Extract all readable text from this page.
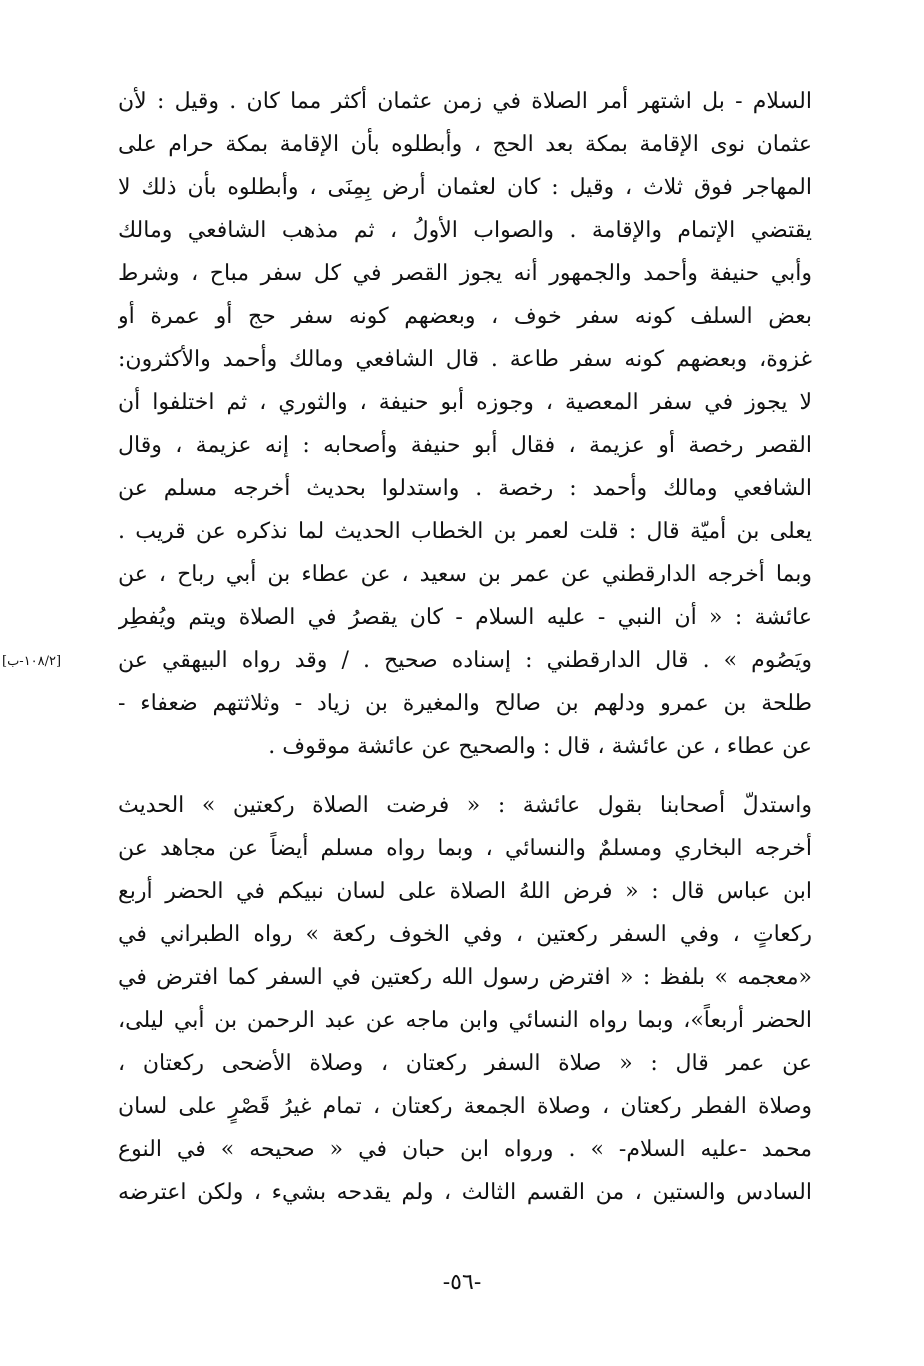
السلام - بل اشتهر أمر الصلاة في زمن عثمان أكثر مما كان . وقيل : لأن
عثمان نوى الإقامة بمكة بعد الحج ، وأبطلوه بأن الإقامة بمكة حرام على
المهاجر فوق ثلاث ، وقيل : كان لعثمان أرض بِمِنَى ، وأبطلوه بأن ذلك لا
يقتضي الإتمام والإقامة . والصواب الأولُ ، ثم مذهب الشافعي ومالك
وأبي حنيفة وأحمد والجمهور أنه يجوز القصر في كل سفر مباح ، وشرط
بعض السلف كونه سفر خوف ، وبعضهم كونه سفر حج أو عمرة أو
غزوة، وبعضهم كونه سفر طاعة . قال الشافعي ومالك وأحمد والأكثرون:
لا يجوز في سفر المعصية ، وجوزه أبو حنيفة ، والثوري ، ثم اختلفوا أن
القصر رخصة أو عزيمة ، فقال أبو حنيفة وأصحابه : إنه عزيمة ، وقال
الشافعي ومالك وأحمد : رخصة . واستدلوا بحديث أخرجه مسلم عن
يعلى بن أميّة قال : قلت لعمر بن الخطاب الحديث لما نذكره عن قريب .
وبما أخرجه الدارقطني عن عمر بن سعيد ، عن عطاء بن أبي رباح ، عن
عائشة : « أن النبي - عليه السلام - كان يقصرُ في الصلاة ويتم ويُفطِر
ويَصُوم » . قال الدارقطني : إسناده صحيح . / وقد رواه البيهقي عن
طلحة بن عمرو ودلهم بن صالح والمغيرة بن زياد - وثلاثتهم ضعفاء -
عن عطاء ، عن عائشة ، قال : والصحيح عن عائشة موقوف .
[١٠٨/٢-ب]
واستدلّ أصحابنا بقول عائشة : « فرضت الصلاة ركعتين » الحديث
أخرجه البخاري ومسلمٌ والنسائي ، وبما رواه مسلم أيضاً عن مجاهد عن
ابن عباس قال : « فرض اللهُ الصلاة على لسان نبيكم في الحضر أربع
ركعاتٍ ، وفي السفر ركعتين ، وفي الخوف ركعة » رواه الطبراني في
«معجمه » بلفظ : « افترض رسول الله ركعتين في السفر كما افترض في
الحضر أربعاً»، وبما رواه النسائي وابن ماجه عن عبد الرحمن بن أبي ليلى،
عن عمر قال : « صلاة السفر ركعتان ، وصلاة الأضحى ركعتان ،
وصلاة الفطر ركعتان ، وصلاة الجمعة ركعتان ، تمام غيرُ قَصْرٍ على لسان
محمد -عليه السلام- » . ورواه ابن حبان في « صحيحه » في النوع
السادس والستين ، من القسم الثالث ، ولم يقدحه بشيء ، ولكن اعترضه
-٥٦-
